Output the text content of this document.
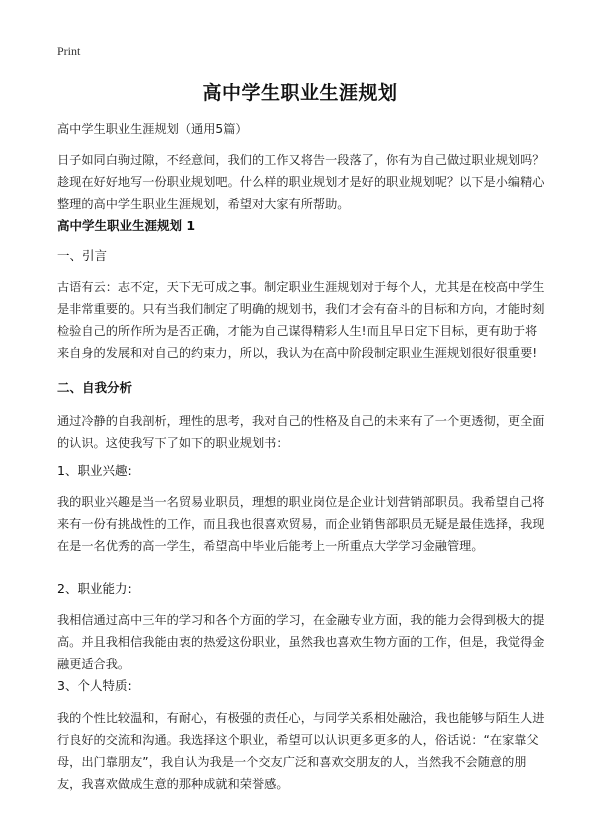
Print
高中学生职业生涯规划

高中学生职业生涯规划（通用5篇）

日子如同白驹过隙，不经意间，我们的工作又将告一段落了，你有为自己做过职业规划吗？趁现在好好地写一份职业规划吧。什么样的职业规划才是好的职业规划呢？以下是小编精心整理的高中学生职业生涯规划，希望对大家有所帮助。

高中学生职业生涯规划 1

一、引言

古语有云：志不定，天下无可成之事。制定职业生涯规划对于每个人，尤其是在校高中学生是非常重要的。只有当我们制定了明确的规划书，我们才会有奋斗的目标和方向，才能时刻检验自己的所作所为是否正确，才能为自己谋得精彩人生!而且早日定下目标，更有助于将来自身的发展和对自己的约束力，所以，我认为在高中阶段制定职业生涯规划很好很重要!

二、自我分析

通过冷静的自我剖析，理性的思考，我对自己的性格及自己的未来有了一个更透彻，更全面的认识。这使我写下了如下的职业规划书：

1、职业兴趣:

我的职业兴趣是当一名贸易业职员，理想的职业岗位是企业计划营销部职员。我希望自己将来有一份有挑战性的工作，而且我也很喜欢贸易，而企业销售部职员无疑是最佳选择，我现在是一名优秀的高一学生，希望高中毕业后能考上一所重点大学学习金融管理。

2、职业能力:

我相信通过高中三年的学习和各个方面的学习，在金融专业方面，我的能力会得到极大的提高。并且我相信我能由衷的热爱这份职业，虽然我也喜欢生物方面的工作，但是，我觉得金融更适合我。

3、个人特质:

我的个性比较温和，有耐心，有极强的责任心，与同学关系相处融洽，我也能够与陌生人进行良好的交流和沟通。我选择这个职业，希望可以认识更多更多的人，俗话说：“在家靠父母，出门靠朋友”，我自认为我是一个交友广泛和喜欢交朋友的人，当然我不会随意的朋友，我喜欢做成生意的那种成就和荣誉感。
